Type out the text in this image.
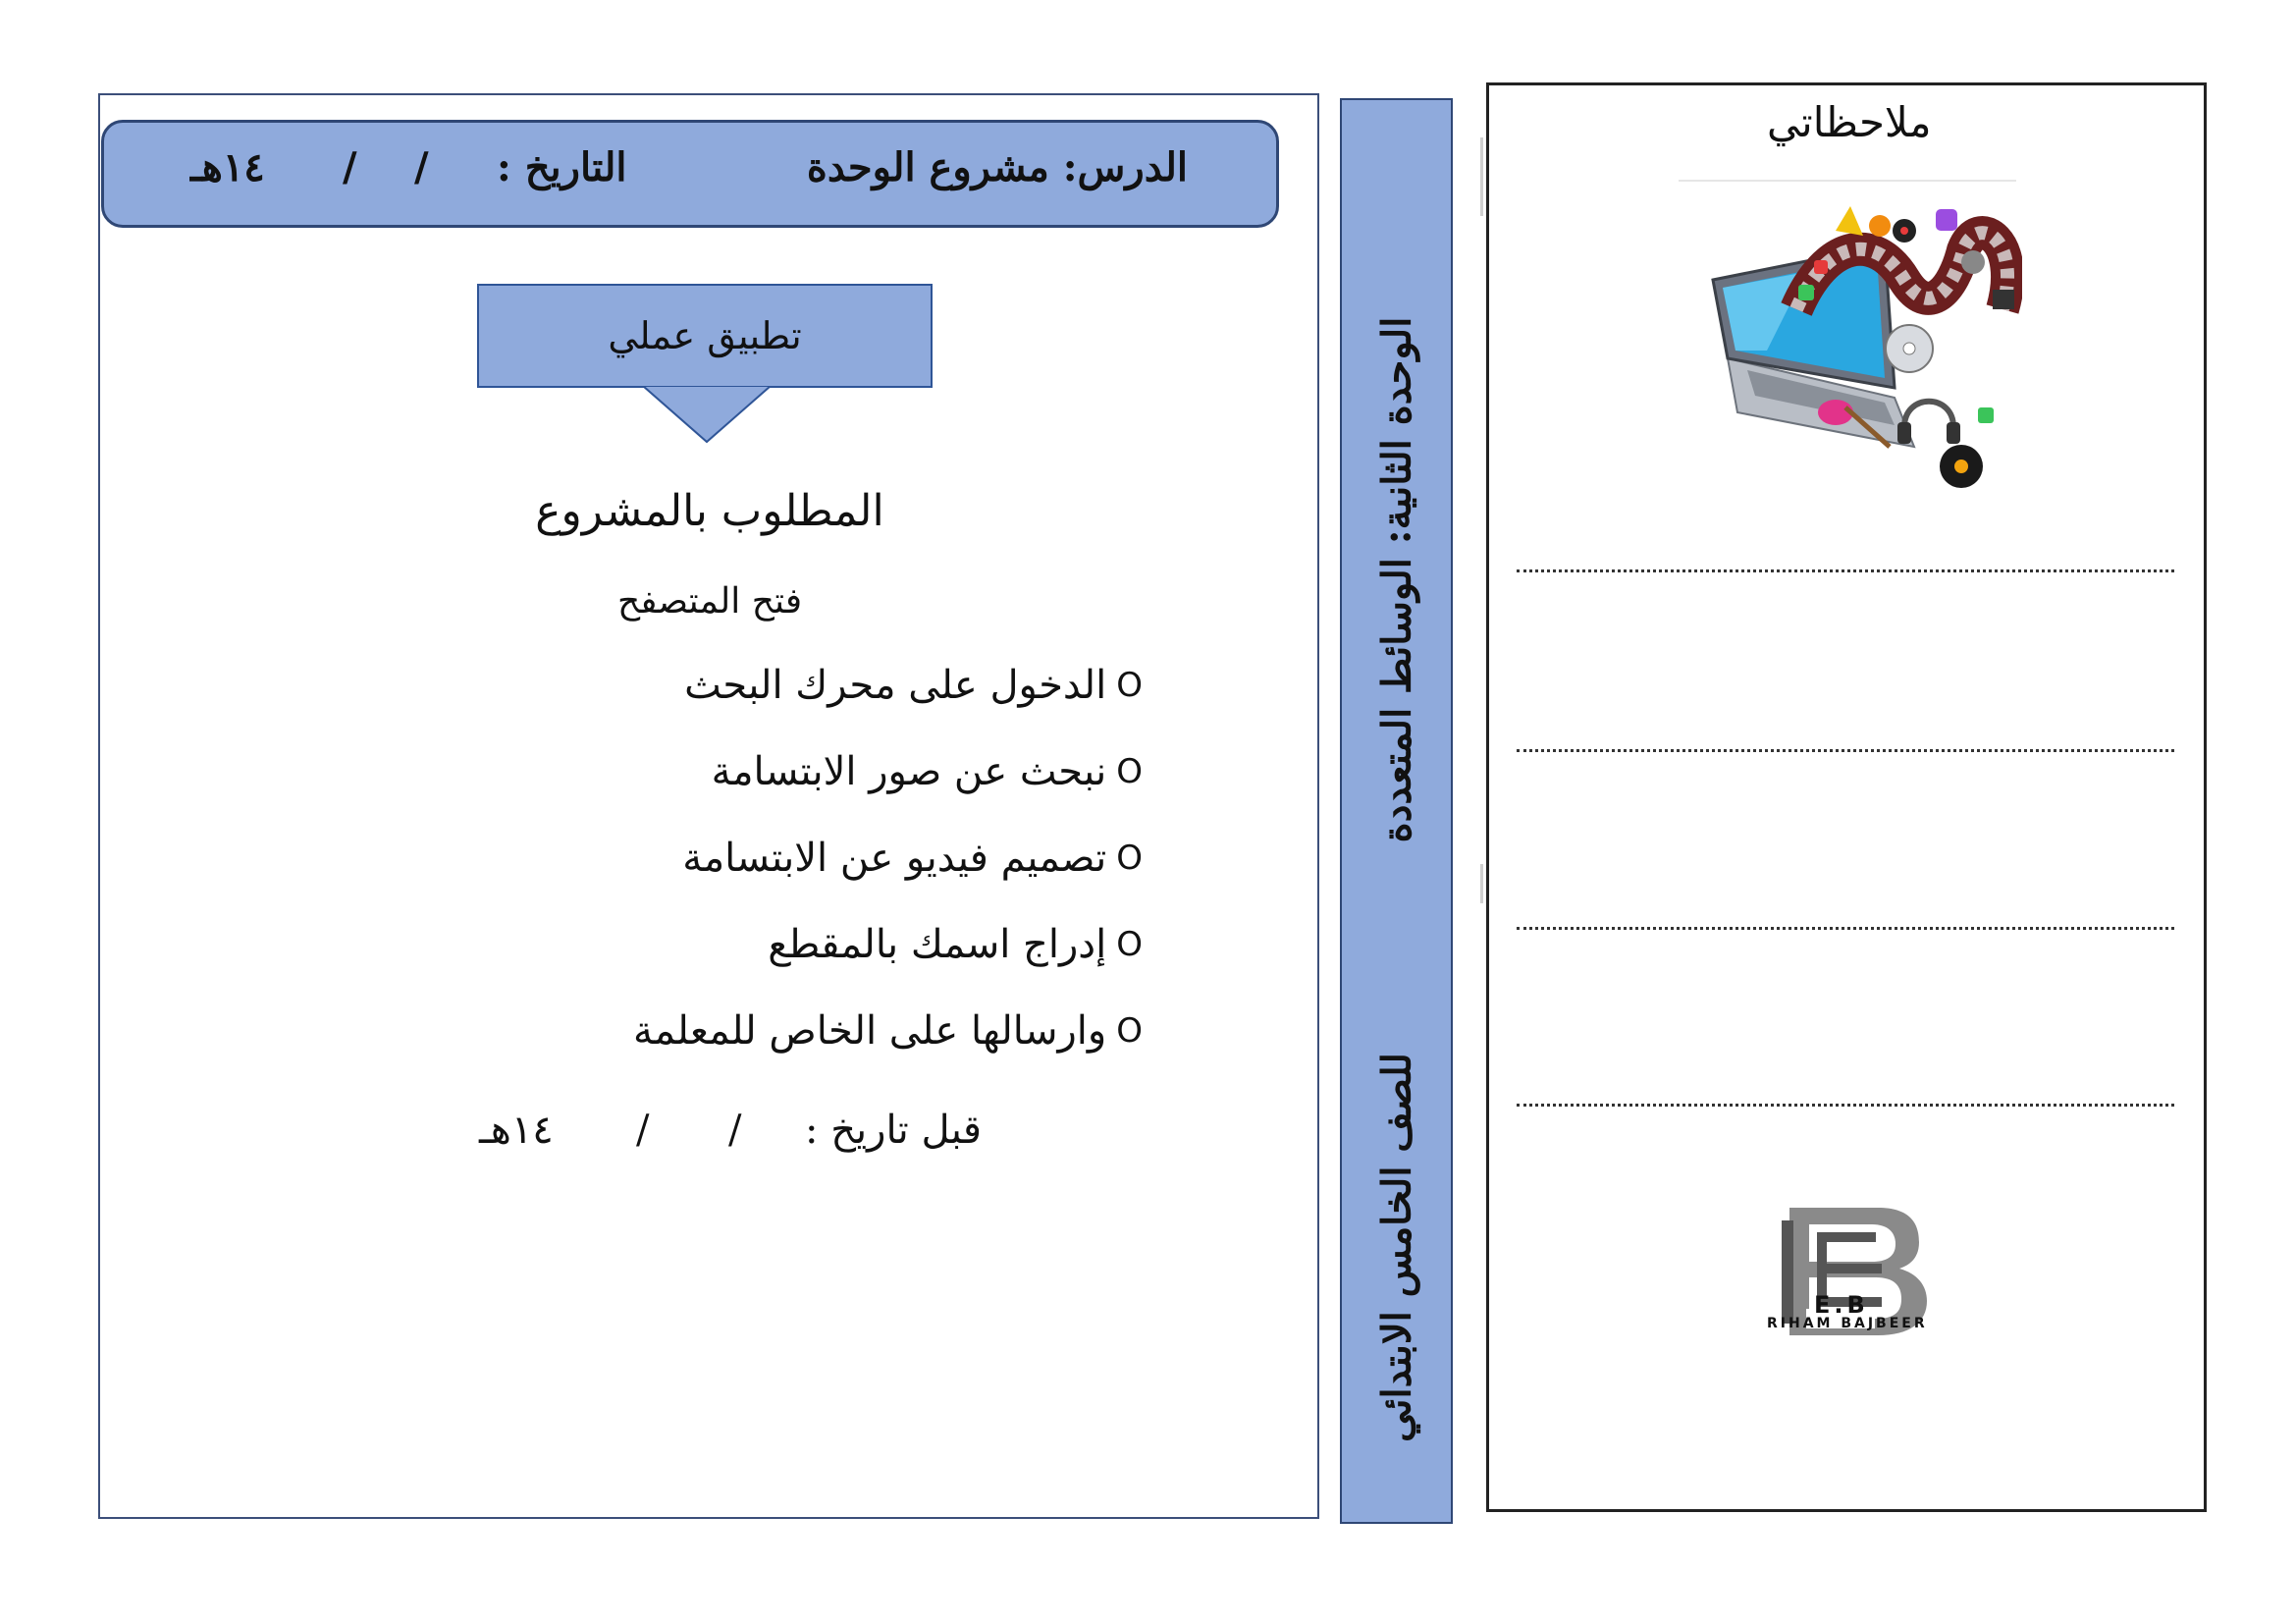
الدرس: مشروع الوحدة
التاريخ :
/
/
١٤هـ
تطبيق عملي
المطلوب بالمشروع
فتح المتصفح
O
الدخول على محرك البحث
O
نبحث عن صور الابتسامة
O
تصميم فيديو عن الابتسامة
O
إدراج اسمك بالمقطع
O
وارسالها على الخاص للمعلمة
قبل تاريخ :
/
/
١٤هـ
الوحدة الثانية: الوسائط المتعددة
للصف الخامس الابتدائي
ملاحظاتي
E.B
RIHAM BAJBEER
